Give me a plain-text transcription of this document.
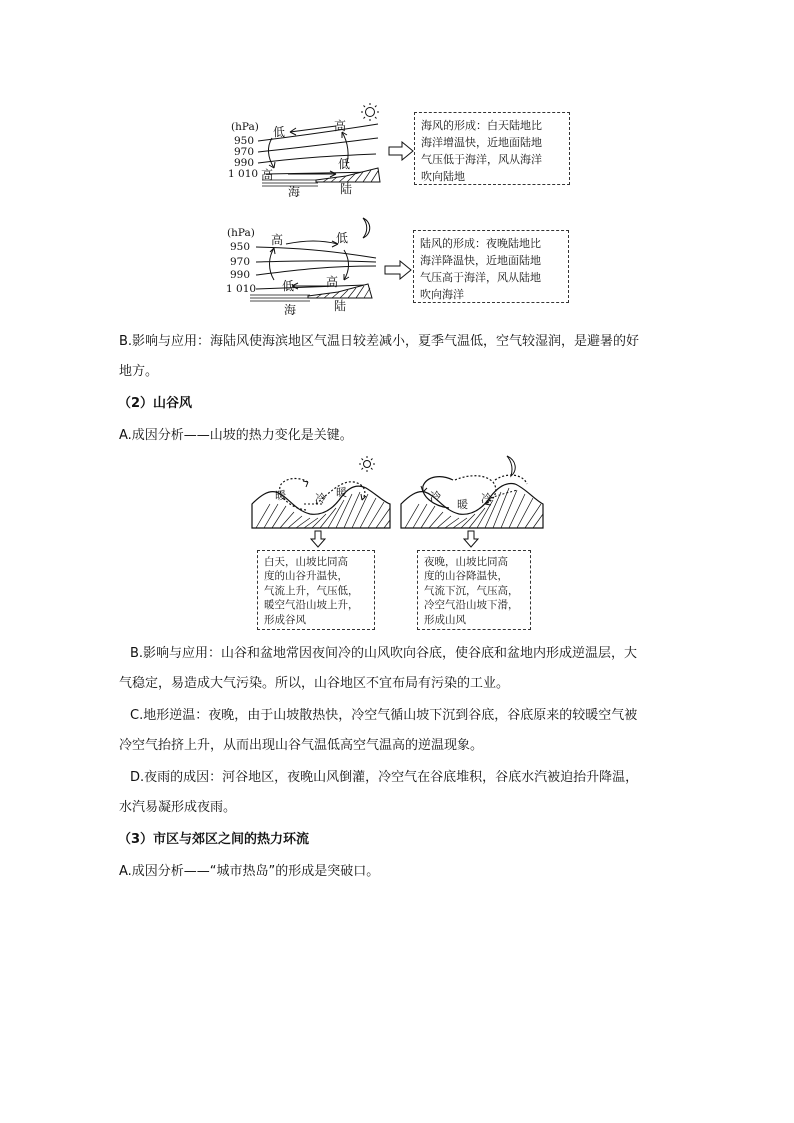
(hPa)
950
970
990
1 010
低	高
低
高
海	陆
海风的形成：白天陆地比
海洋增温快，近地面陆地
气压低于海洋，风从海洋
吹向陆地
(hPa)
950
970
990
1 010
高	低
低	高
海	陆
陆风的形成：夜晚陆地比
海洋降温快，近地面陆地
气压高于海洋，风从陆地
吹向海洋
B.影响与应用：海陆风使海滨地区气温日较差减小，夏季气温低，空气较湿润，是避暑的好
地方。
（2）山谷风
A.成因分析——山坡的热力变化是关键。
暖	冷 暖	冷
暖 冷
白天，山坡比同高
度的山谷升温快，
气流上升，气压低，
暖空气沿山坡上升，
形成谷风
夜晚，山坡比同高
度的山谷降温快，
气流下沉，气压高，
冷空气沿山坡下滑，
形成山风
B.影响与应用：山谷和盆地常因夜间冷的山风吹向谷底，使谷底和盆地内形成逆温层，大
气稳定，易造成大气污染。所以，山谷地区不宜布局有污染的工业。
C.地形逆温：夜晚，由于山坡散热快，冷空气循山坡下沉到谷底，谷底原来的较暖空气被
冷空气抬挤上升，从而出现山谷气温低高空气温高的逆温现象。
D.夜雨的成因：河谷地区，夜晚山风倒灌，冷空气在谷底堆积，谷底水汽被迫抬升降温，
水汽易凝形成夜雨。
（3）市区与郊区之间的热力环流
A.成因分析——“城市热岛”的形成是突破口。
